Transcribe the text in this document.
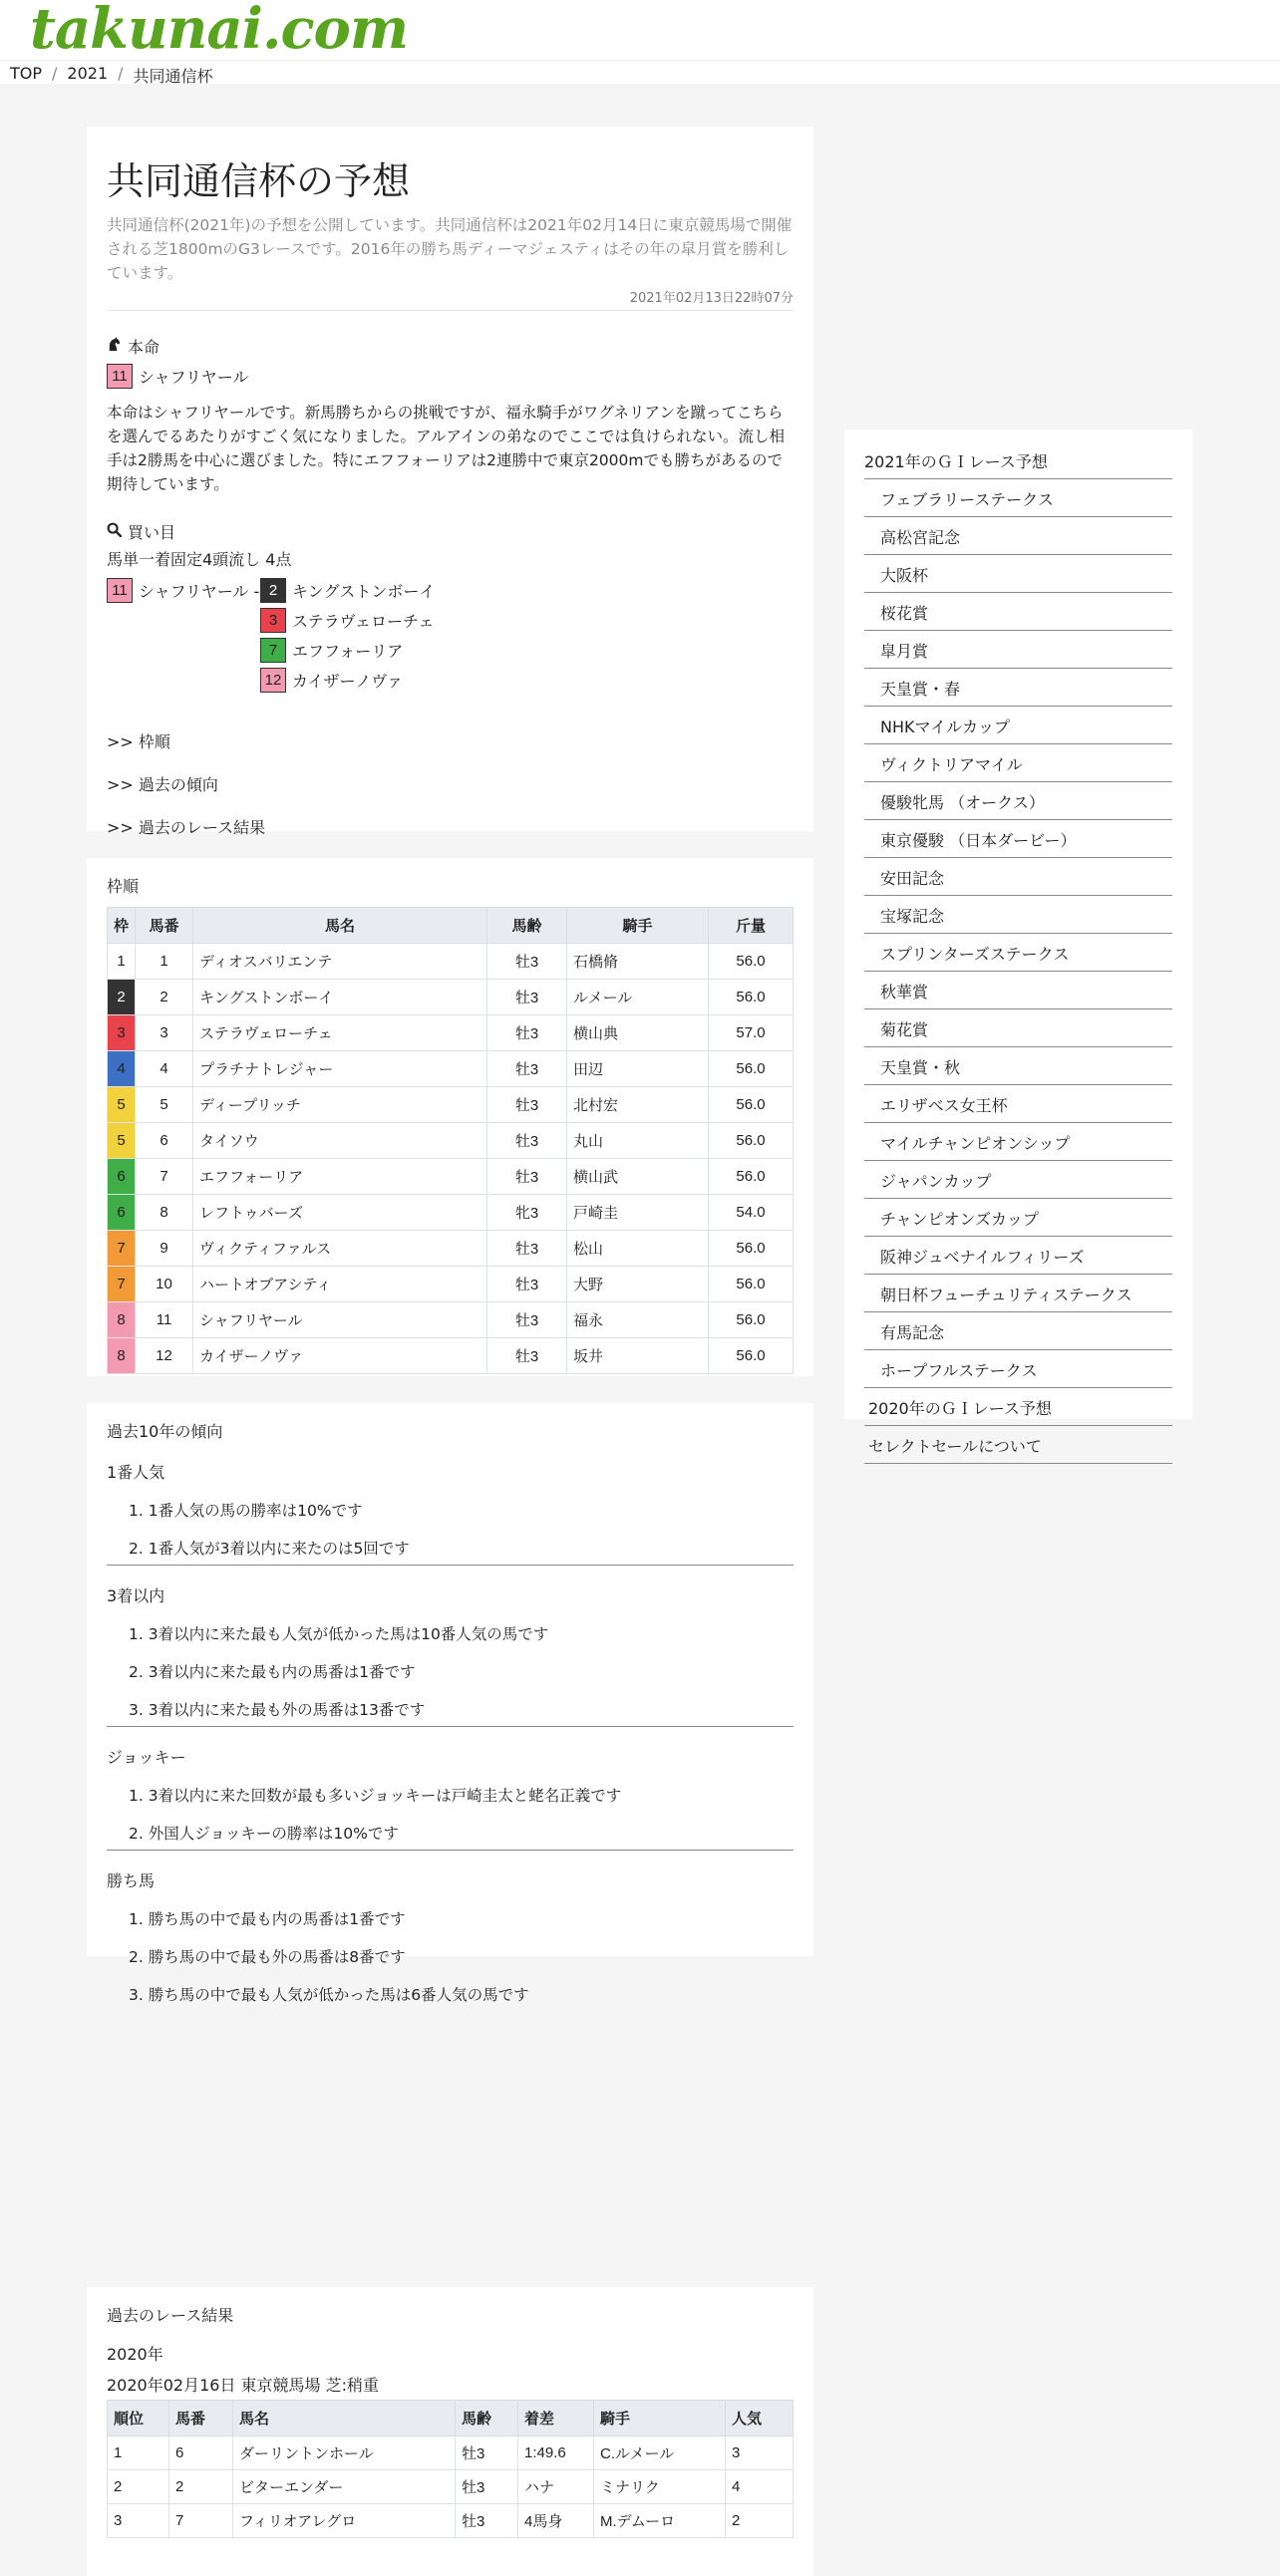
takunai.com
TOP / 2021 / 共同通信杯
共同通信杯の予想

共同通信杯(2021年)の予想を公開しています。共同通信杯は2021年02月14日に東京競馬場で開催される芝1800mのG3レースです。2016年の勝ち馬ディーマジェスティはその年の皐月賞を勝利しています。

2021年02月13日22時07分
本命
11 シャフリヤール

本命はシャフリヤールです。新馬勝ちからの挑戦ですが、福永騎手がワグネリアンを蹴ってこちらを選んでるあたりがすごく気になりました。アルアインの弟なのでここでは負けられない。流し相手は2勝馬を中心に選びました。特にエフフォーリアは2連勝中で東京2000mでも勝ちがあるので期待しています。

買い目
馬単一着固定4頭流し 4点
11 シャフリヤール - 2 キングストンボーイ
3 ステラヴェローチェ
7 エフフォーリア
12 カイザーノヴァ
>> 枠順
>> 過去の傾向
>> 過去のレース結果
枠順
枠	馬番	馬名	馬齢	騎手	斤量
1	1	ディオスバリエンテ	牡3	石橋脩	56.0
2	2	キングストンボーイ	牡3	ルメール	56.0
3	3	ステラヴェローチェ	牡3	横山典	57.0
4	4	プラチナトレジャー	牡3	田辺	56.0
5	5	ディープリッチ	牡3	北村宏	56.0
5	6	タイソウ	牡3	丸山	56.0
6	7	エフフォーリア	牡3	横山武	56.0
6	8	レフトゥバーズ	牝3	戸崎圭	54.0
7	9	ヴィクティファルス	牡3	松山	56.0
7	10	ハートオブアシティ	牡3	大野	56.0
8	11	シャフリヤール	牡3	福永	56.0
8	12	カイザーノヴァ	牡3	坂井	56.0
過去10年の傾向
1番人気
1. 1番人気の馬の勝率は10%です
2. 1番人気が3着以内に来たのは5回です
3着以内
1. 3着以内に来た最も人気が低かった馬は10番人気の馬です
2. 3着以内に来た最も内の馬番は1番です
3. 3着以内に来た最も外の馬番は13番です
ジョッキー
1. 3着以内に来た回数が最も多いジョッキーは戸崎圭太と蛯名正義です
2. 外国人ジョッキーの勝率は10%です
勝ち馬
1. 勝ち馬の中で最も内の馬番は1番です
2. 勝ち馬の中で最も外の馬番は8番です
3. 勝ち馬の中で最も人気が低かった馬は6番人気の馬です
過去のレース結果
2020年
2020年02月16日 東京競馬場 芝:稍重
順位	馬番	馬名	馬齢	着差	騎手	人気
1	6	ダーリントンホール	牡3	1:49.6	C.ルメール	3
2	2	ビターエンダー	牡3	ハナ	ミナリク	4
3	7	フィリオアレグロ	牡3	4馬身	M.デムーロ	2
2021年のＧＩレース予想
フェブラリーステークス
高松宮記念
大阪杯
桜花賞
皐月賞
天皇賞・春
NHKマイルカップ
ヴィクトリアマイル
優駿牝馬 （オークス）
東京優駿 （日本ダービー）
安田記念
宝塚記念
スプリンターズステークス
秋華賞
菊花賞
天皇賞・秋
エリザベス女王杯
マイルチャンピオンシップ
ジャパンカップ
チャンピオンズカップ
阪神ジュベナイルフィリーズ
朝日杯フューチュリティステークス
有馬記念
ホープフルステークス
2020年のＧＩレース予想
セレクトセールについて
